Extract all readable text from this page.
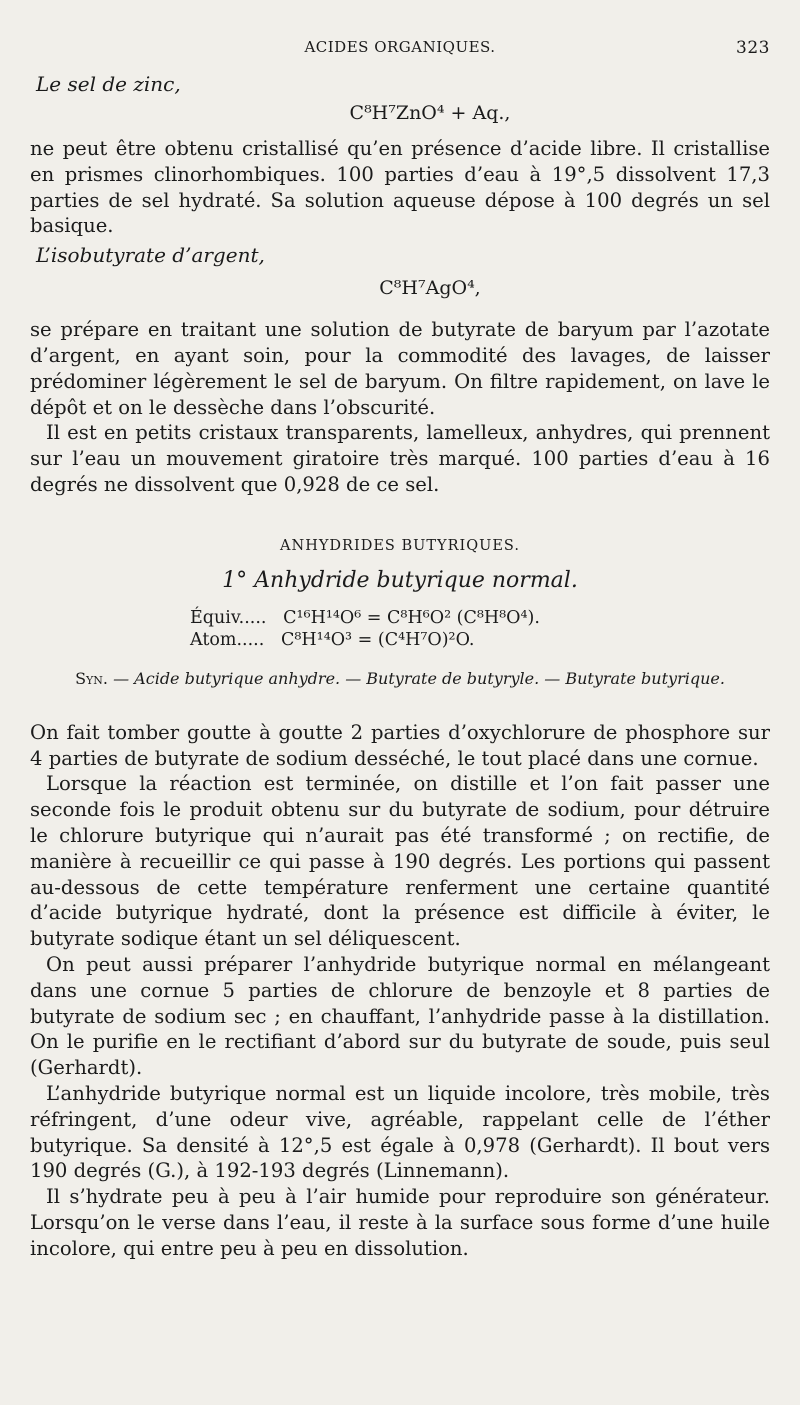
ACIDES ORGANIQUES.	323
Le sel de zinc,
C⁸H⁷ZnO⁴ + Aq.,

ne peut être obtenu cristallisé qu’en présence d’acide libre. Il cristallise en prismes clinorhombiques. 100 parties d’eau à 19°,5 dissolvent 17,3 parties de sel hydraté. Sa solution aqueuse dépose à 100 degrés un sel basique.

L’isobutyrate d’argent,
C⁸H⁷AgO⁴,

se prépare en traitant une solution de butyrate de baryum par l’azotate d’argent, en ayant soin, pour la commodité des lavages, de laisser prédominer légèrement le sel de baryum. On filtre rapidement, on lave le dépôt et on le dessèche dans l’obscurité.

Il est en petits cristaux transparents, lamelleux, anhydres, qui prennent sur l’eau un mouvement giratoire très marqué. 100 parties d’eau à 16 degrés ne dissolvent que 0,928 de ce sel.

ANHYDRIDES BUTYRIQUES.
1° Anhydride butyrique normal.
Équiv..... C¹⁶H¹⁴O⁶ = C⁸H⁶O² (C⁸H⁸O⁴).
Atom..... C⁸H¹⁴O³ = (C⁴H⁷O)²O.
Syn. — Acide butyrique anhydre. — Butyrate de butyryle. — Butyrate butyrique.

On fait tomber goutte à goutte 2 parties d’oxychlorure de phosphore sur 4 parties de butyrate de sodium desséché, le tout placé dans une cornue.

Lorsque la réaction est terminée, on distille et l’on fait passer une seconde fois le produit obtenu sur du butyrate de sodium, pour détruire le chlorure butyrique qui n’aurait pas été transformé ; on rectifie, de manière à recueillir ce qui passe à 190 degrés. Les portions qui passent au-dessous de cette température renferment une certaine quantité d’acide butyrique hydraté, dont la présence est difficile à éviter, le butyrate sodique étant un sel déliquescent.

On peut aussi préparer l’anhydride butyrique normal en mélangeant dans une cornue 5 parties de chlorure de benzoyle et 8 parties de butyrate de sodium sec ; en chauffant, l’anhydride passe à la distillation. On le purifie en le rectifiant d’abord sur du butyrate de soude, puis seul (Gerhardt).

L’anhydride butyrique normal est un liquide incolore, très mobile, très réfringent, d’une odeur vive, agréable, rappelant celle de l’éther butyrique. Sa densité à 12°,5 est égale à 0,978 (Gerhardt). Il bout vers 190 degrés (G.), à 192-193 degrés (Linnemann).

Il s’hydrate peu à peu à l’air humide pour reproduire son générateur. Lorsqu’on le verse dans l’eau, il reste à la surface sous forme d’une huile incolore, qui entre peu à peu en dissolution.
